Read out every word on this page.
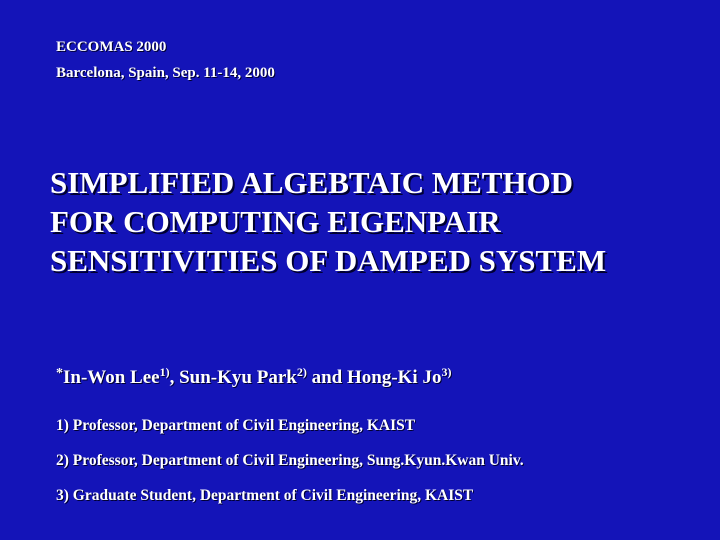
ECCOMAS 2000
Barcelona, Spain, Sep. 11-14, 2000
SIMPLIFIED ALGEBTAIC METHOD
FOR COMPUTING EIGENPAIR
SENSITIVITIES OF DAMPED SYSTEM
*In-Won Lee$^{1)}$, Sun-Kyu Park$^{2)}$ and Hong-Ki Jo$^{3)}$
1) Professor, Department of Civil Engineering, KAIST
2) Professor, Department of Civil Engineering, Sung.Kyun.Kwan Univ.
3) Graduate Student, Department of Civil Engineering, KAIST
